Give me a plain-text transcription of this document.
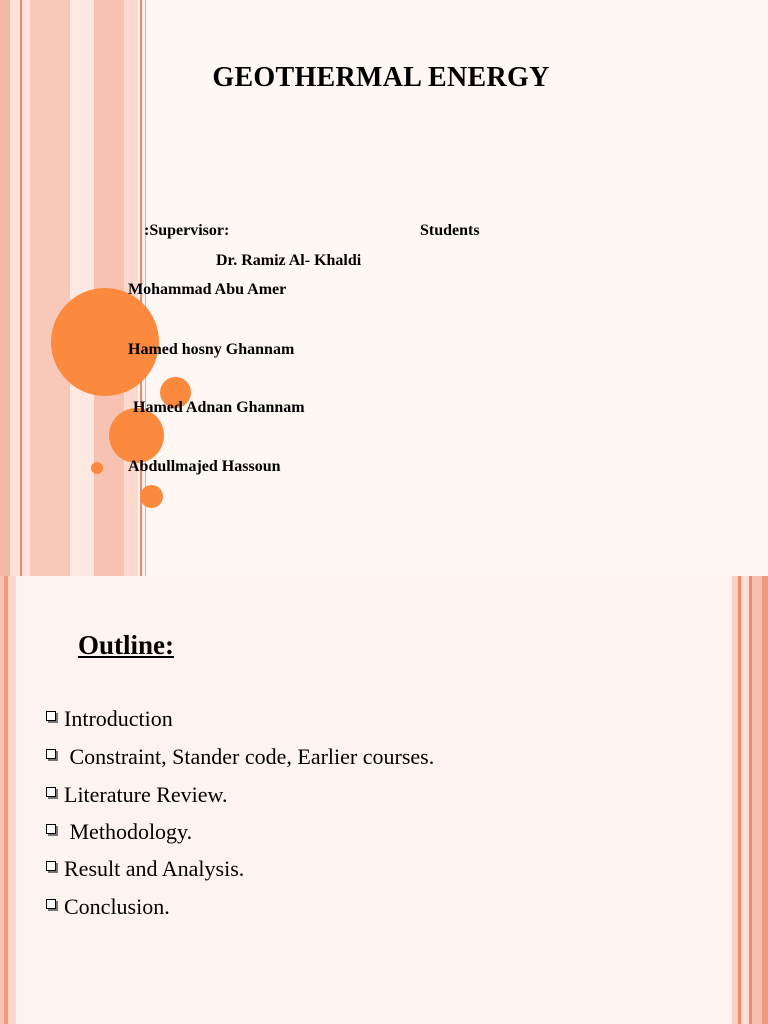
GEOTHERMAL ENERGY
:Supervisor:	Students
Dr. Ramiz Al- Khaldi
Mohammad Abu Amer
Hamed hosny Ghannam
Hamed Adnan Ghannam
Abdullmajed Hassoun
Outline:
Introduction
Constraint, Stander code, Earlier courses.
Literature Review.
Methodology.
Result and Analysis.
Conclusion.
